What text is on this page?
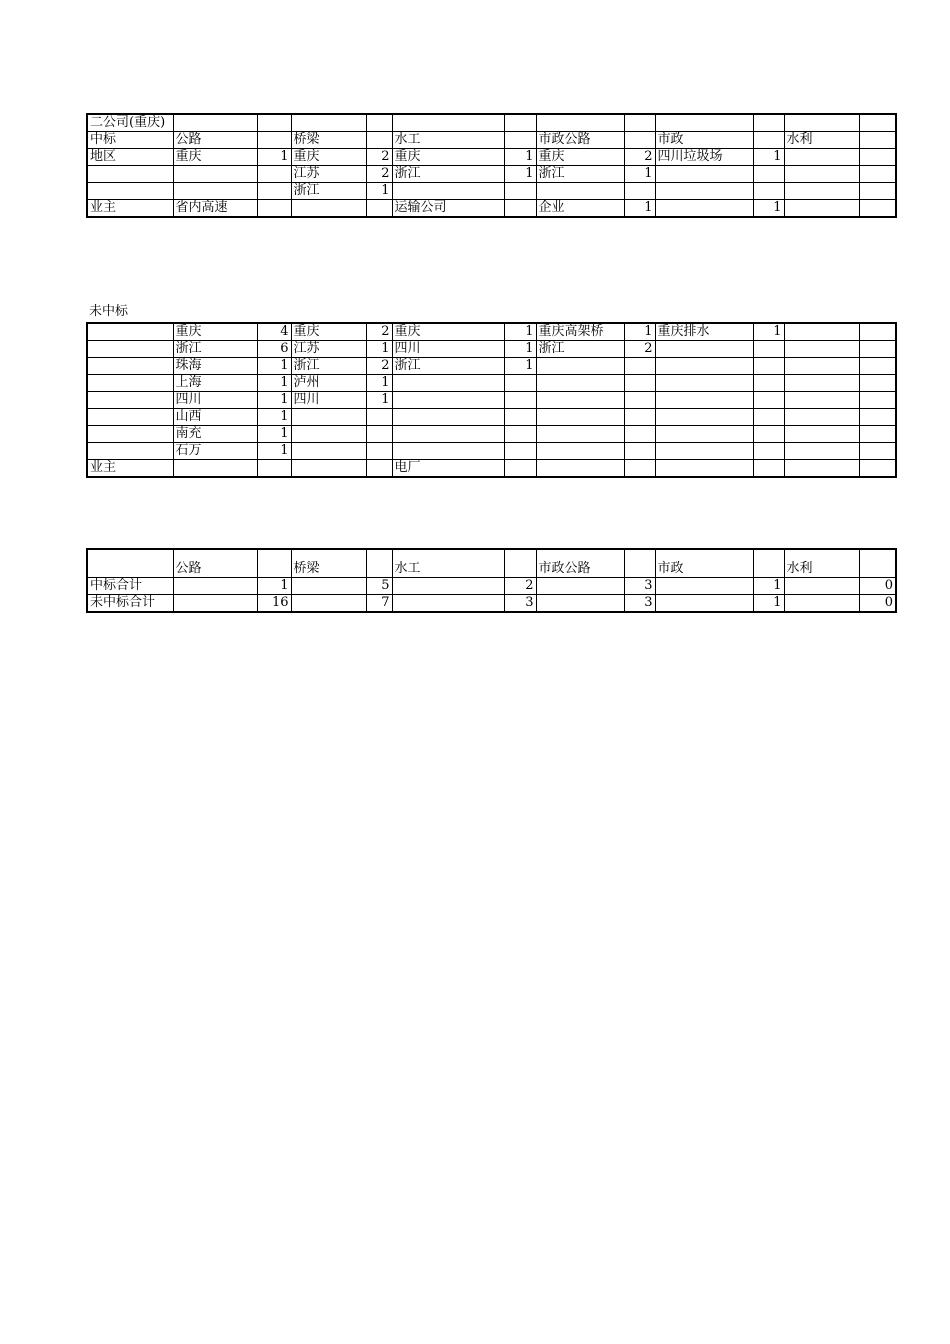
二公司(重庆)												
中标	公路		桥梁		水工		市政公路		市政		水利	
地区	重庆	1	重庆	2	重庆	1	重庆	2	四川垃圾场	1		
			江苏	2	浙江	1	浙江	1				
			浙江	1								
业主	省内高速				运输公司		企业	1		1		
未中标
	重庆	4	重庆	2	重庆	1	重庆高架桥	1	重庆排水	1		
	浙江	6	江苏	1	四川	1	浙江	2				
	珠海	1	浙江	2	浙江	1						
	上海	1	泸州	1								
	四川	1	四川	1								
	山西	1										
	南充	1										
	石万	1										
业主					电厂							
	公路		桥梁		水工		市政公路		市政		水利	
中标合计		1		5		2		3		1		0
未中标合计		16		7		3		3		1		0
